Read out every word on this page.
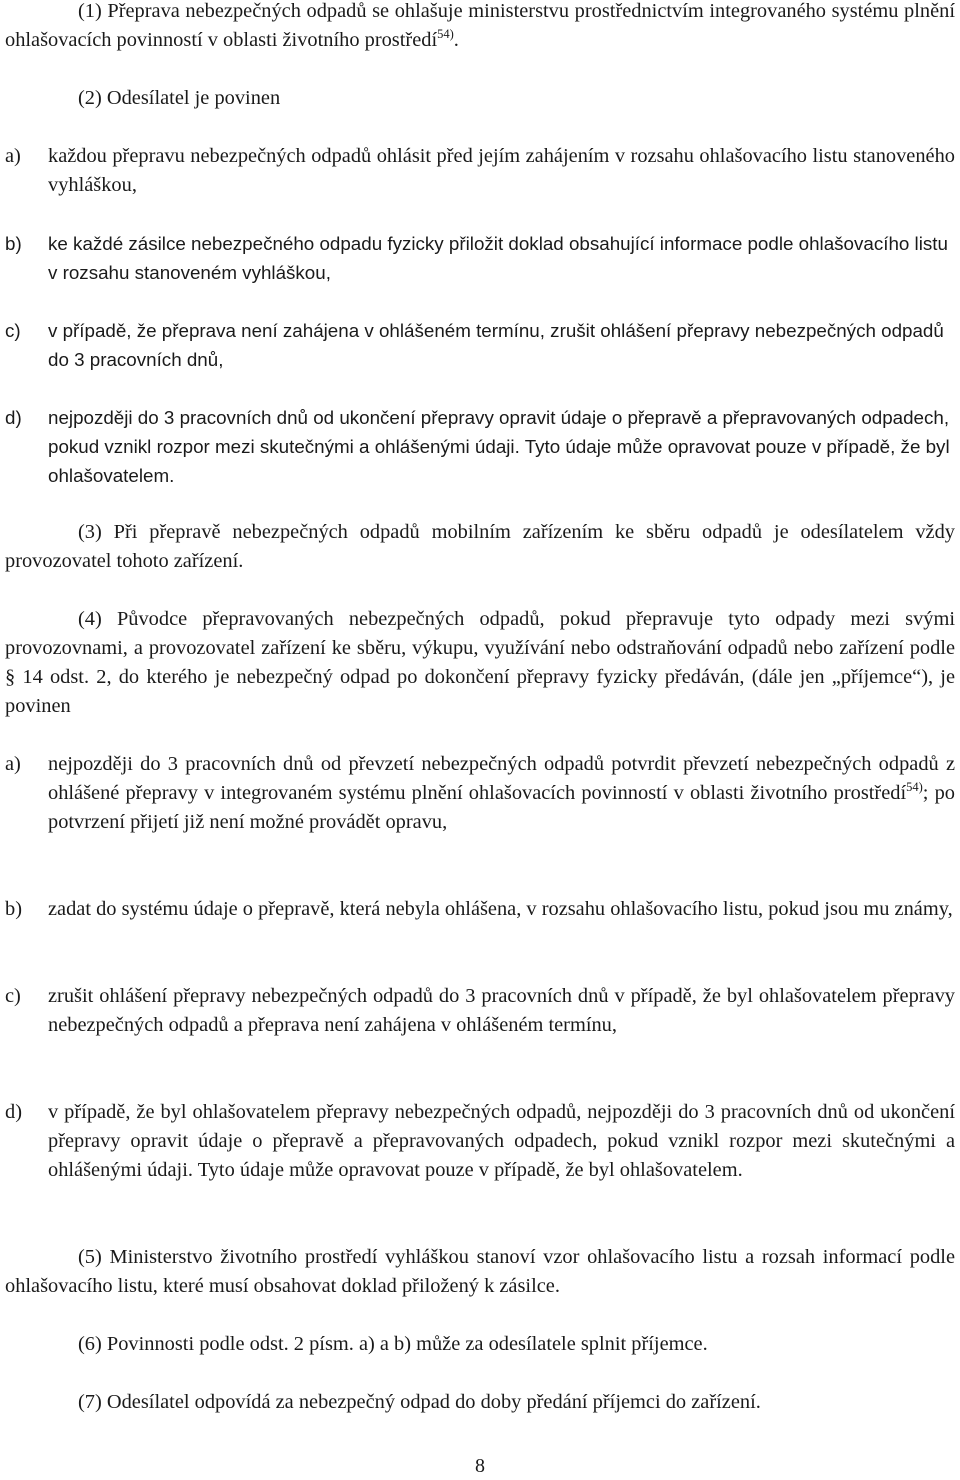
(1) Přeprava nebezpečných odpadů se ohlašuje ministerstvu prostřednictvím integrovaného systému plnění ohlašovacích povinností v oblasti životního prostředí$^{54)}$.

(2) Odesílatel je povinen

a) každou přepravu nebezpečných odpadů ohlásit před jejím zahájením v rozsahu ohlašovacího listu stanoveného vyhláškou,
b) ke každé zásilce nebezpečného odpadu fyzicky přiložit doklad obsahující informace podle ohlašovacího listu v rozsahu stanoveném vyhláškou,
c) v případě, že přeprava není zahájena v ohlášeném termínu, zrušit ohlášení přepravy nebezpečných odpadů do 3 pracovních dnů,
d) nejpozději do 3 pracovních dnů od ukončení přepravy opravit údaje o přepravě a přepravovaných odpadech, pokud vznikl rozpor mezi skutečnými a ohlášenými údaji. Tyto údaje může opravovat pouze v případě, že byl ohlašovatelem.

(3) Při přepravě nebezpečných odpadů mobilním zařízením ke sběru odpadů je odesílatelem vždy provozovatel tohoto zařízení.

(4) Původce přepravovaných nebezpečných odpadů, pokud přepravuje tyto odpady mezi svými provozovnami, a provozovatel zařízení ke sběru, výkupu, využívání nebo odstraňování odpadů nebo zařízení podle § 14 odst. 2, do kterého je nebezpečný odpad po dokončení přepravy fyzicky předáván, (dále jen „příjemce“), je povinen

a) nejpozději do 3 pracovních dnů od převzetí nebezpečných odpadů potvrdit převzetí nebezpečných odpadů z ohlášené přepravy v integrovaném systému plnění ohlašovacích povinností v oblasti životního prostředí$^{54)}$; po potvrzení přijetí již není možné provádět opravu,
b) zadat do systému údaje o přepravě, která nebyla ohlášena, v rozsahu ohlašovacího listu, pokud jsou mu známy,
c) zrušit ohlášení přepravy nebezpečných odpadů do 3 pracovních dnů v případě, že byl ohlašovatelem přepravy nebezpečných odpadů a přeprava není zahájena v ohlášeném termínu,
d) v případě, že byl ohlašovatelem přepravy nebezpečných odpadů, nejpozději do 3 pracovních dnů od ukončení přepravy opravit údaje o přepravě a přepravovaných odpadech, pokud vznikl rozpor mezi skutečnými a ohlášenými údaji. Tyto údaje může opravovat pouze v případě, že byl ohlašovatelem.

(5) Ministerstvo životního prostředí vyhláškou stanoví vzor ohlašovacího listu a rozsah informací podle ohlašovacího listu, které musí obsahovat doklad přiložený k zásilce.

(6) Povinnosti podle odst. 2 písm. a) a b) může za odesílatele splnit příjemce.

(7) Odesílatel odpovídá za nebezpečný odpad do doby předání příjemci do zařízení.

8
